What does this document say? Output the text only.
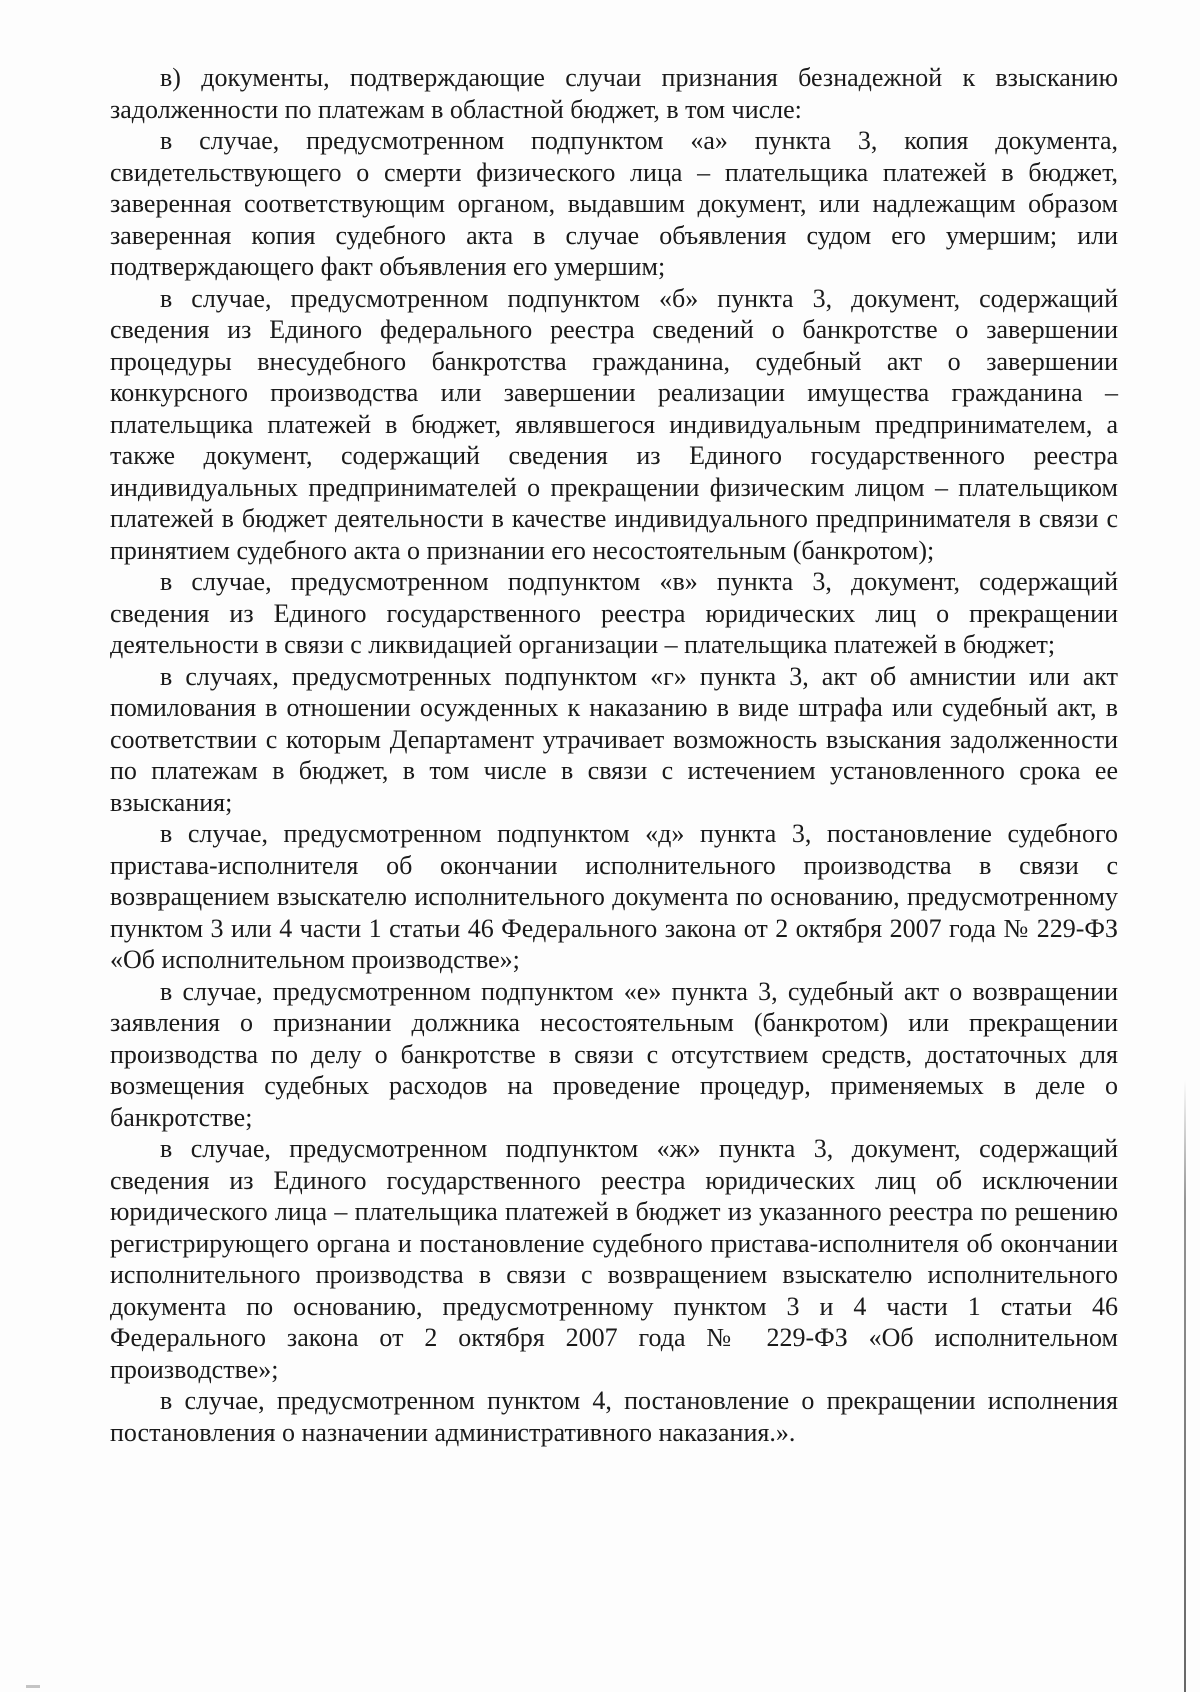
в) документы, подтверждающие случаи признания безнадежной к взысканию задолженности по платежам в областной бюджет, в том числе:

в случае, предусмотренном подпунктом «а» пункта 3, копия документа, свидетельствующего о смерти физического лица – плательщика платежей в бюджет, заверенная соответствующим органом, выдавшим документ, или надлежащим образом заверенная копия судебного акта в случае объявления судом его умершим; или подтверждающего факт объявления его умершим;

в случае, предусмотренном подпунктом «б» пункта 3, документ, содержащий сведения из Единого федерального реестра сведений о банкротстве о завершении процедуры внесудебного банкротства гражданина, судебный акт о завершении конкурсного производства или завершении реализации имущества гражданина – плательщика платежей в бюджет, являвшегося индивидуальным предпринимателем, а также документ, содержащий сведения из Единого государственного реестра индивидуальных предпринимателей о прекращении физическим лицом – плательщиком платежей в бюджет деятельности в качестве индивидуального предпринимателя в связи с принятием судебного акта о признании его несостоятельным (банкротом);

в случае, предусмотренном подпунктом «в» пункта 3, документ, содержащий сведения из Единого государственного реестра юридических лиц о прекращении деятельности в связи с ликвидацией организации – плательщика платежей в бюджет;

в случаях, предусмотренных подпунктом «г» пункта 3, акт об амнистии или акт помилования в отношении осужденных к наказанию в виде штрафа или судебный акт, в соответствии с которым Департамент утрачивает возможность взыскания задолженности по платежам в бюджет, в том числе в связи с истечением установленного срока ее взыскания;

в случае, предусмотренном подпунктом «д» пункта 3, постановление судебного пристава-исполнителя об окончании исполнительного производства в связи с возвращением взыскателю исполнительного документа по основанию, предусмотренному пунктом 3 или 4 части 1 статьи 46 Федерального закона от 2 октября 2007 года № 229-ФЗ «Об исполнительном производстве»;

в случае, предусмотренном подпунктом «е» пункта 3, судебный акт о возвращении заявления о признании должника несостоятельным (банкротом) или прекращении производства по делу о банкротстве в связи с отсутствием средств, достаточных для возмещения судебных расходов на проведение процедур, применяемых в деле о банкротстве;

в случае, предусмотренном подпунктом «ж» пункта 3, документ, содержащий сведения из Единого государственного реестра юридических лиц об исключении юридического лица – плательщика платежей в бюджет из указанного реестра по решению регистрирующего органа и постановление судебного пристава-исполнителя об окончании исполнительного производства в связи с возвращением взыскателю исполнительного документа по основанию, предусмотренному пунктом 3 и 4 части 1 статьи 46 Федерального закона от 2 октября 2007 года № 229-ФЗ «Об исполнительном производстве»;

в случае, предусмотренном пунктом 4, постановление о прекращении исполнения постановления о назначении административного наказания.».
